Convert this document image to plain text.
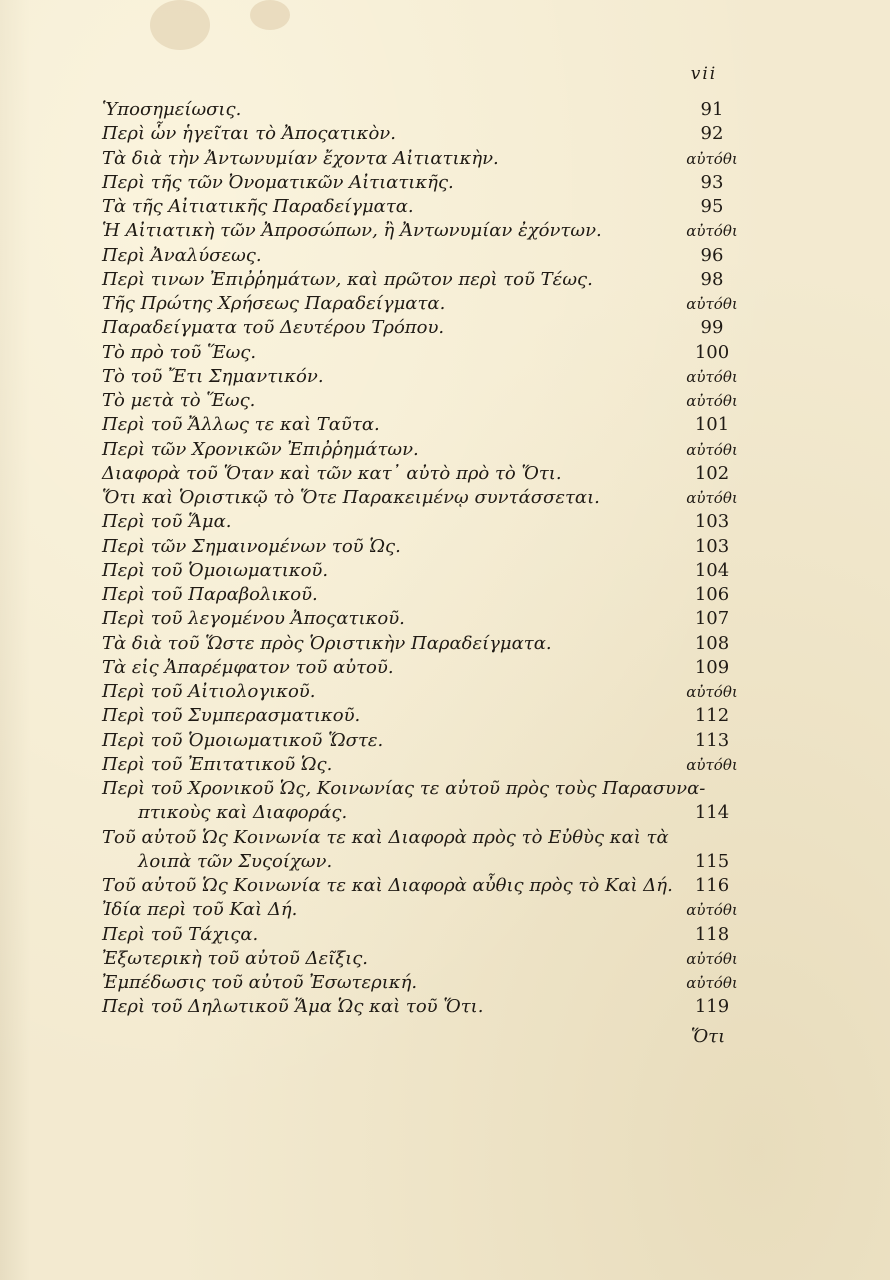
vii
Ὑποσημείωσις.	91
Περὶ ὧν ἡγεῖται τὸ Ἀποςατικὸν.	92
Τὰ διὰ τὴν Ἀντωνυμίαν ἔχοντα Αἰτιατικὴν.	αὐτόθι
Περὶ τῆς τῶν Ὀνοματικῶν Αἰτιατικῆς.	93
Τὰ τῆς Αἰτιατικῆς Παραδείγματα.	95
Ἡ Αἰτιατικὴ τῶν Ἀπροσώπων, ἢ Ἀντωνυμίαν ἐχόντων.	αὐτόθι
Περὶ Ἀναλύσεως.	96
Περὶ τινων Ἐπιῤῥημάτων, καὶ πρῶτον περὶ τοῦ Τέως.	98
Τῆς Πρώτης Χρήσεως Παραδείγματα.	αὐτόθι
Παραδείγματα τοῦ Δευτέρου Τρόπου.	99
Τὸ πρὸ τοῦ Ἕως.	100
Τὸ τοῦ Ἔτι Σημαντικόν.	αὐτόθι
Τὸ μετὰ τὸ Ἕως.	αὐτόθι
Περὶ τοῦ Ἄλλως τε καὶ Ταῦτα.	101
Περὶ τῶν Χρονικῶν Ἐπιῤῥημάτων.	αὐτόθι
Διαφορὰ τοῦ Ὅταν καὶ τῶν κατ᾽ αὐτὸ πρὸ τὸ Ὅτι.	102
Ὅτι καὶ Ὁριστικῷ τὸ Ὅτε Παρακειμένῳ συντάσσεται.	αὐτόθι
Περὶ τοῦ Ἅμα.	103
Περὶ τῶν Σημαινομένων τοῦ Ὡς.	103
Περὶ τοῦ Ὁμοιωματικοῦ.	104
Περὶ τοῦ Παραβολικοῦ.	106
Περὶ τοῦ λεγομένου Ἀποςατικοῦ.	107
Τὰ διὰ τοῦ Ὥστε πρὸς Ὁριστικὴν Παραδείγματα.	108
Τὰ εἰς Ἀπαρέμφατον τοῦ αὐτοῦ.	109
Περὶ τοῦ Αἰτιολογικοῦ.	αὐτόθι
Περὶ τοῦ Συμπερασματικοῦ.	112
Περὶ τοῦ Ὁμοιωματικοῦ Ὥστε.	113
Περὶ τοῦ Ἐπιτατικοῦ Ὡς.	αὐτόθι
Περὶ τοῦ Χρονικοῦ Ὡς, Κοινωνίας τε αὐτοῦ πρὸς τοὺς Παρασυνα-
πτικοὺς καὶ Διαφοράς.	114
Τοῦ αὐτοῦ Ὡς Κοινωνία τε καὶ Διαφορὰ πρὸς τὸ Εὐθὺς καὶ τὰ
λοιπὰ τῶν Συςοίχων.	115
Τοῦ αὐτοῦ Ὡς Κοινωνία τε καὶ Διαφορὰ αὖθις πρὸς τὸ Καὶ Δή.	116
Ἰδία περὶ τοῦ Καὶ Δή.	αὐτόθι
Περὶ τοῦ Τάχιςα.	118
Ἐξωτερικὴ τοῦ αὐτοῦ Δεῖξις.	αὐτόθι
Ἐμπέδωσις τοῦ αὐτοῦ Ἐσωτερική.	αὐτόθι
Περὶ τοῦ Δηλωτικοῦ Ἅμα Ὡς καὶ τοῦ Ὅτι.	119
Ὅτι
